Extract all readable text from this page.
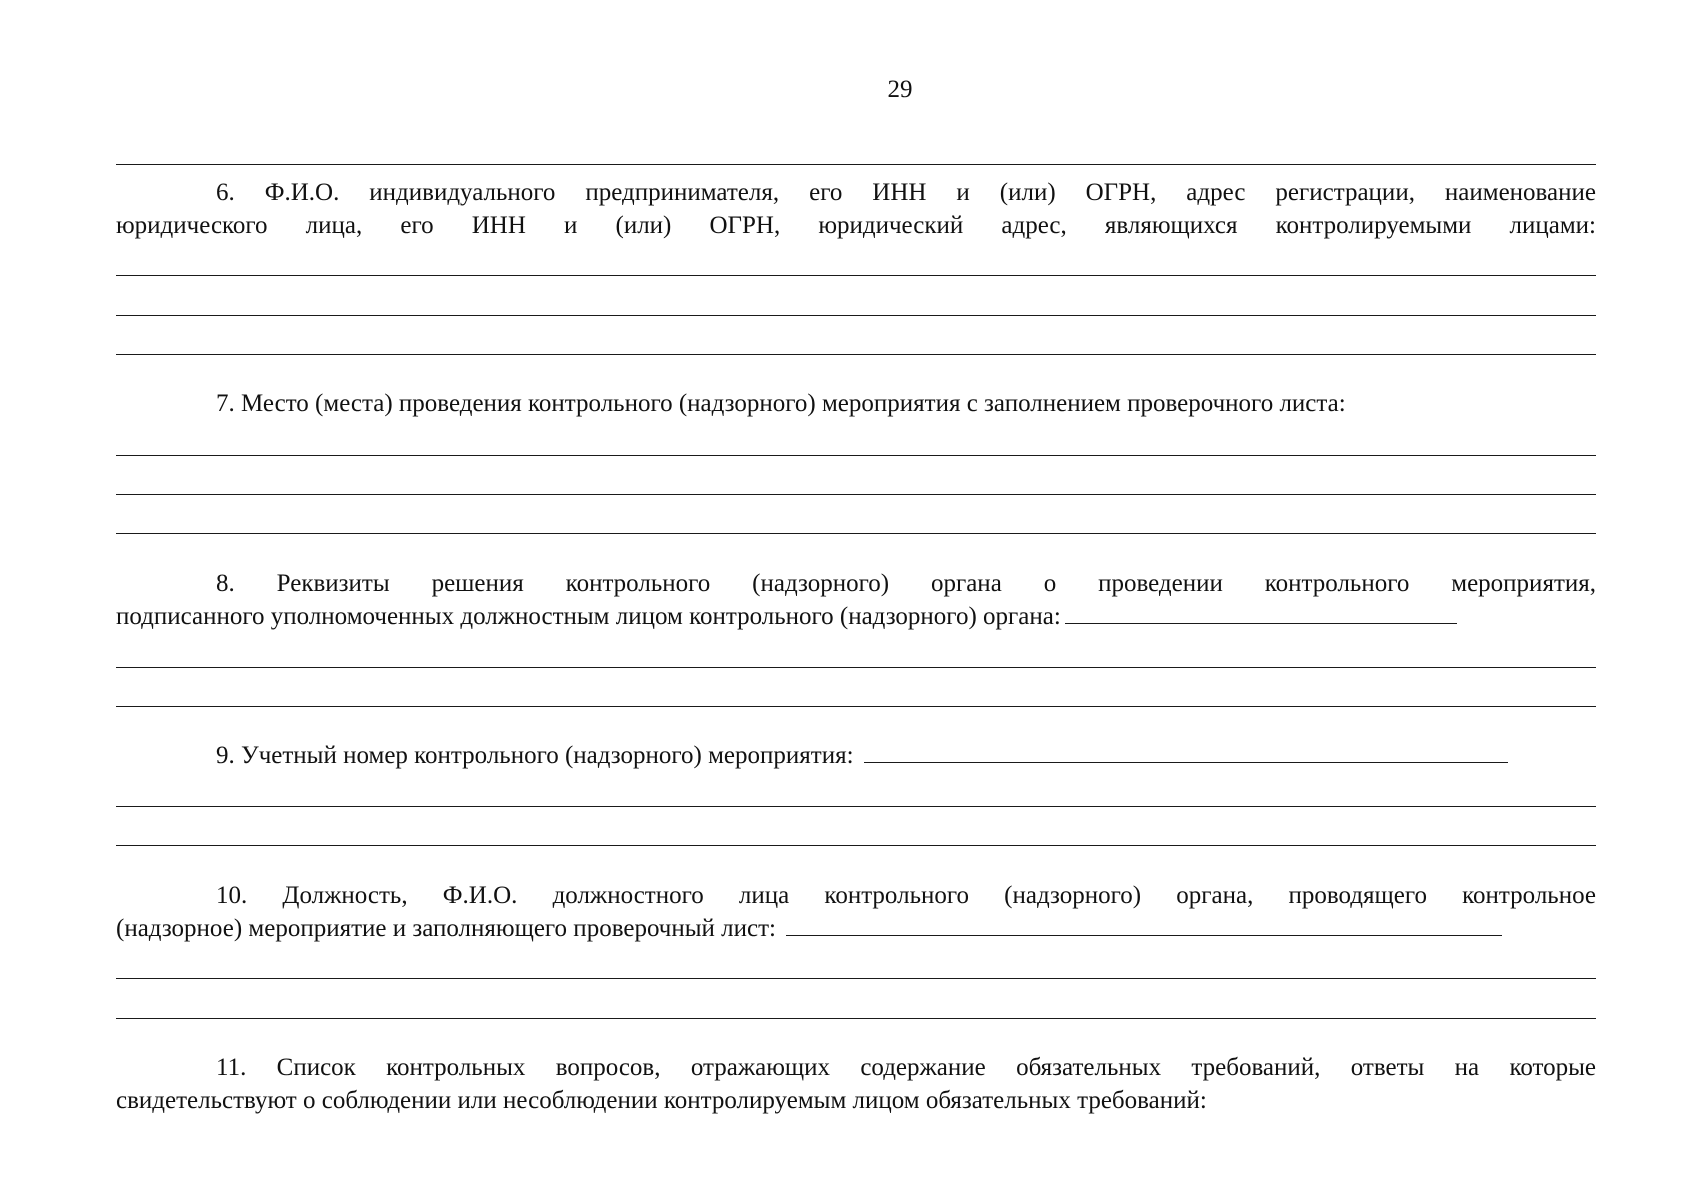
29
6. Ф.И.О. индивидуального предпринимателя, его ИНН и (или) ОГРН, адрес регистрации, наименование
юридического лица, его ИНН и (или) ОГРН, юридический адрес, являющихся контролируемыми лицами:
7. Место (места) проведения контрольного (надзорного) мероприятия с заполнением проверочного листа:
8. Реквизиты решения контрольного (надзорного) органа о проведении контрольного мероприятия,
подписанного уполномоченных должностным лицом контрольного (надзорного) органа:
9. Учетный номер контрольного (надзорного) мероприятия:
10. Должность, Ф.И.О. должностного лица контрольного (надзорного) органа, проводящего контрольное
(надзорное) мероприятие и заполняющего проверочный лист:
11. Список контрольных вопросов, отражающих содержание обязательных требований, ответы на которые
свидетельствуют о соблюдении или несоблюдении контролируемым лицом обязательных требований:
